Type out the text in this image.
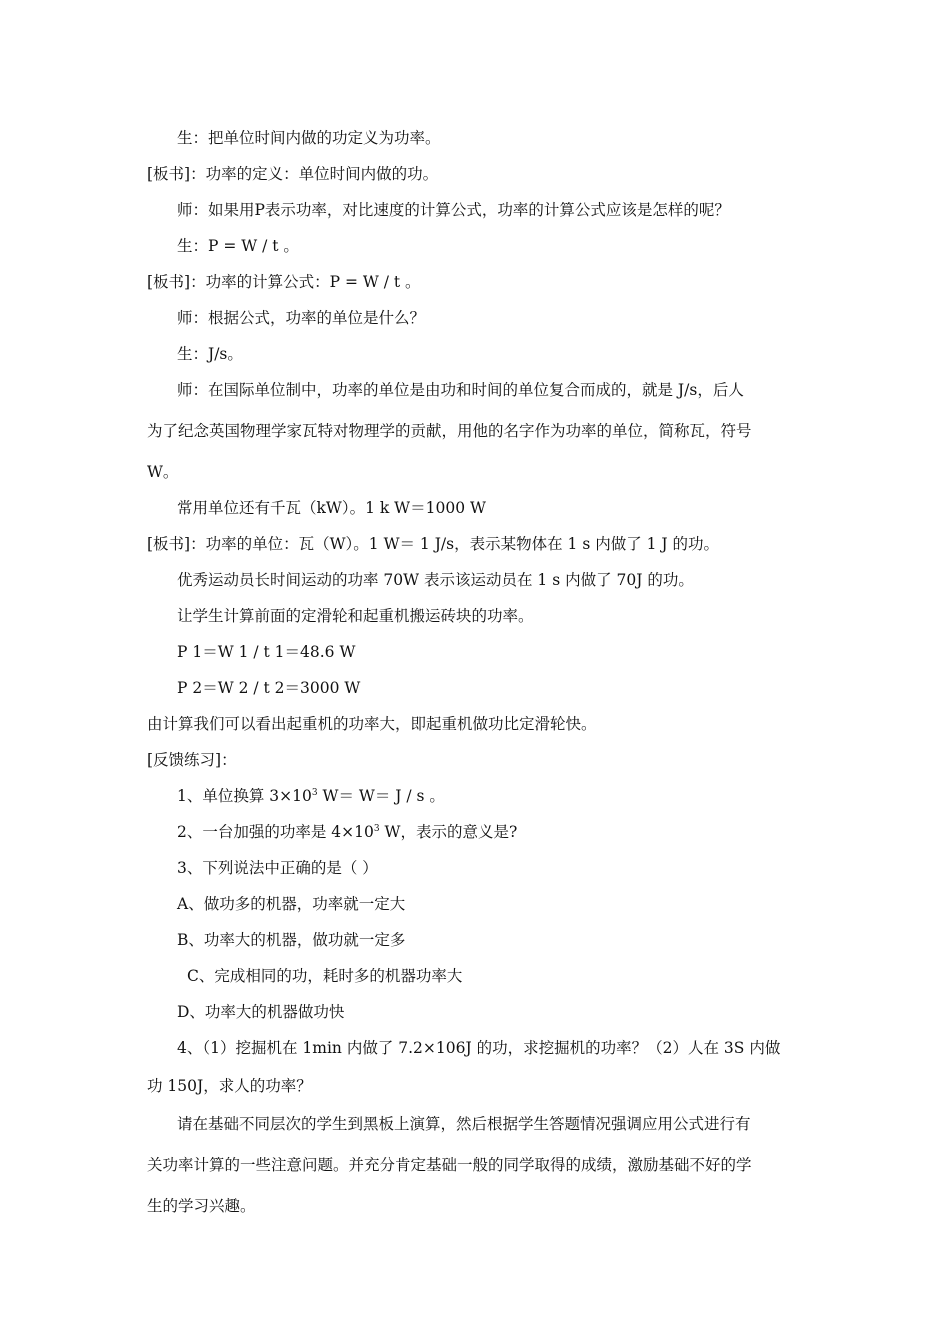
生：把单位时间内做的功定义为功率。
[板书]：功率的定义：单位时间内做的功。
师：如果用P表示功率，对比速度的计算公式，功率的计算公式应该是怎样的呢？
生：P = W / t 。
[板书]：功率的计算公式：P = W / t 。
师：根据公式，功率的单位是什么？
生：J/s。
师：在国际单位制中，功率的单位是由功和时间的单位复合而成的，就是 J/s，后人
为了纪念英国物理学家瓦特对物理学的贡献，用他的名字作为功率的单位，简称瓦，符号
W。
常用单位还有千瓦（kW）。1 k W＝1000 W
[板书]：功率的单位：瓦（W）。1 W＝ 1 J/s，表示某物体在 1 s 内做了 1 J 的功。
优秀运动员长时间运动的功率 70W 表示该运动员在 1 s 内做了 70J 的功。
让学生计算前面的定滑轮和起重机搬运砖块的功率。
P 1＝W 1 / t 1＝48.6 W
P 2＝W 2 / t 2＝3000 W
由计算我们可以看出起重机的功率大，即起重机做功比定滑轮快。
[反馈练习]：
1、单位换算 $3\times 10^3$ W＝ W＝ J / s 。
2、一台加强的功率是 $4\times 10^3$ W，表示的意义是?
3、下列说法中正确的是（ ）
A、做功多的机器，功率就一定大
B、功率大的机器，做功就一定多
C、完成相同的功，耗时多的机器功率大
D、功率大的机器做功快
4、（1）挖掘机在 1min 内做了 7.2×106J 的功，求挖掘机的功率？（2）人在 3S 内做
功 150J，求人的功率？
请在基础不同层次的学生到黑板上演算，然后根据学生答题情况强调应用公式进行有
关功率计算的一些注意问题。并充分肯定基础一般的同学取得的成绩，激励基础不好的学
生的学习兴趣。
